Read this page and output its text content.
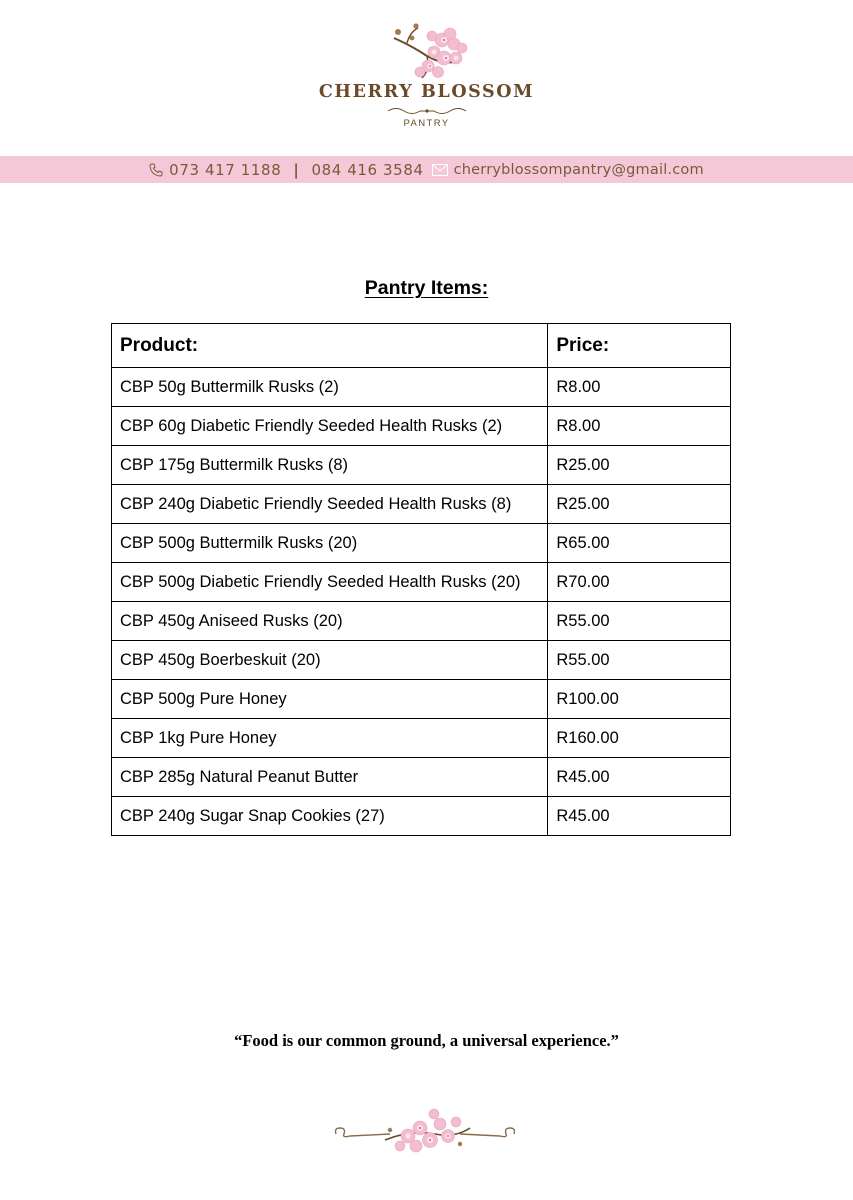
CHERRY BLOSSOM
PANTRY
073 417 1188 | 084 416 3584 cherryblossompantry@gmail.com
Pantry Items:
Product:	Price:
CBP 50g Buttermilk Rusks (2)	R8.00
CBP 60g Diabetic Friendly Seeded Health Rusks (2)	R8.00
CBP 175g Buttermilk Rusks (8)	R25.00
CBP 240g Diabetic Friendly Seeded Health Rusks (8)	R25.00
CBP 500g Buttermilk Rusks (20)	R65.00
CBP 500g Diabetic Friendly Seeded Health Rusks (20)	R70.00
CBP 450g Aniseed Rusks (20)	R55.00
CBP 450g Boerbeskuit (20)	R55.00
CBP 500g Pure Honey	R100.00
CBP 1kg Pure Honey	R160.00
CBP 285g Natural Peanut Butter	R45.00
CBP 240g Sugar Snap Cookies (27)	R45.00
“Food is our common ground, a universal experience.”
